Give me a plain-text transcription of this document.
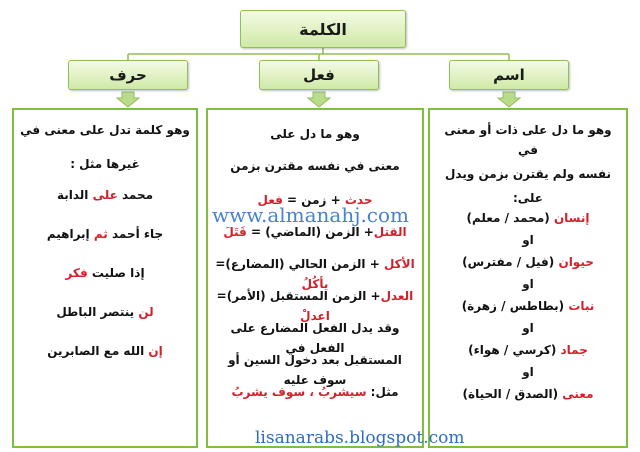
الكلمة
حرف	فعل	اسم
وهو كلمة تدل على معنى في
غيرها مثل :
محمد على الدابة
جاء أحمد ثم إبراهيم
إذا صليت فكر
لن ينتصر الباطل
إن الله مع الصابرين
وهو ما دل على
معنى في نفسه مقترن بزمن
حدث + زمن = فعل
القتل+ الزمن (الماضي) = قَتَلَ
الأكل + الزمن الحالي (المضارع)= يأكُلُ
العدل+ الزمن المستقبل (الأمر)= اعدلْ
وقد يدل الفعل المضارع على الفعل في
المستقبل بعد دخول السين أو سوف عليه
مثل: سيشربُ ، سوف يشربُ
وهو ما دل على ذات أو معنى في
نفسه ولم يقترن بزمن ويدل
على:
إنسان (محمد / معلم)
او
حيوان (فيل / مفترس)
او
نبات (بطاطس / زهرة)
او
جماد (كرسي / هواء)
او
معنى (الصدق / الحياة)
www.almanahj.com
lisanarabs.blogspot.com
